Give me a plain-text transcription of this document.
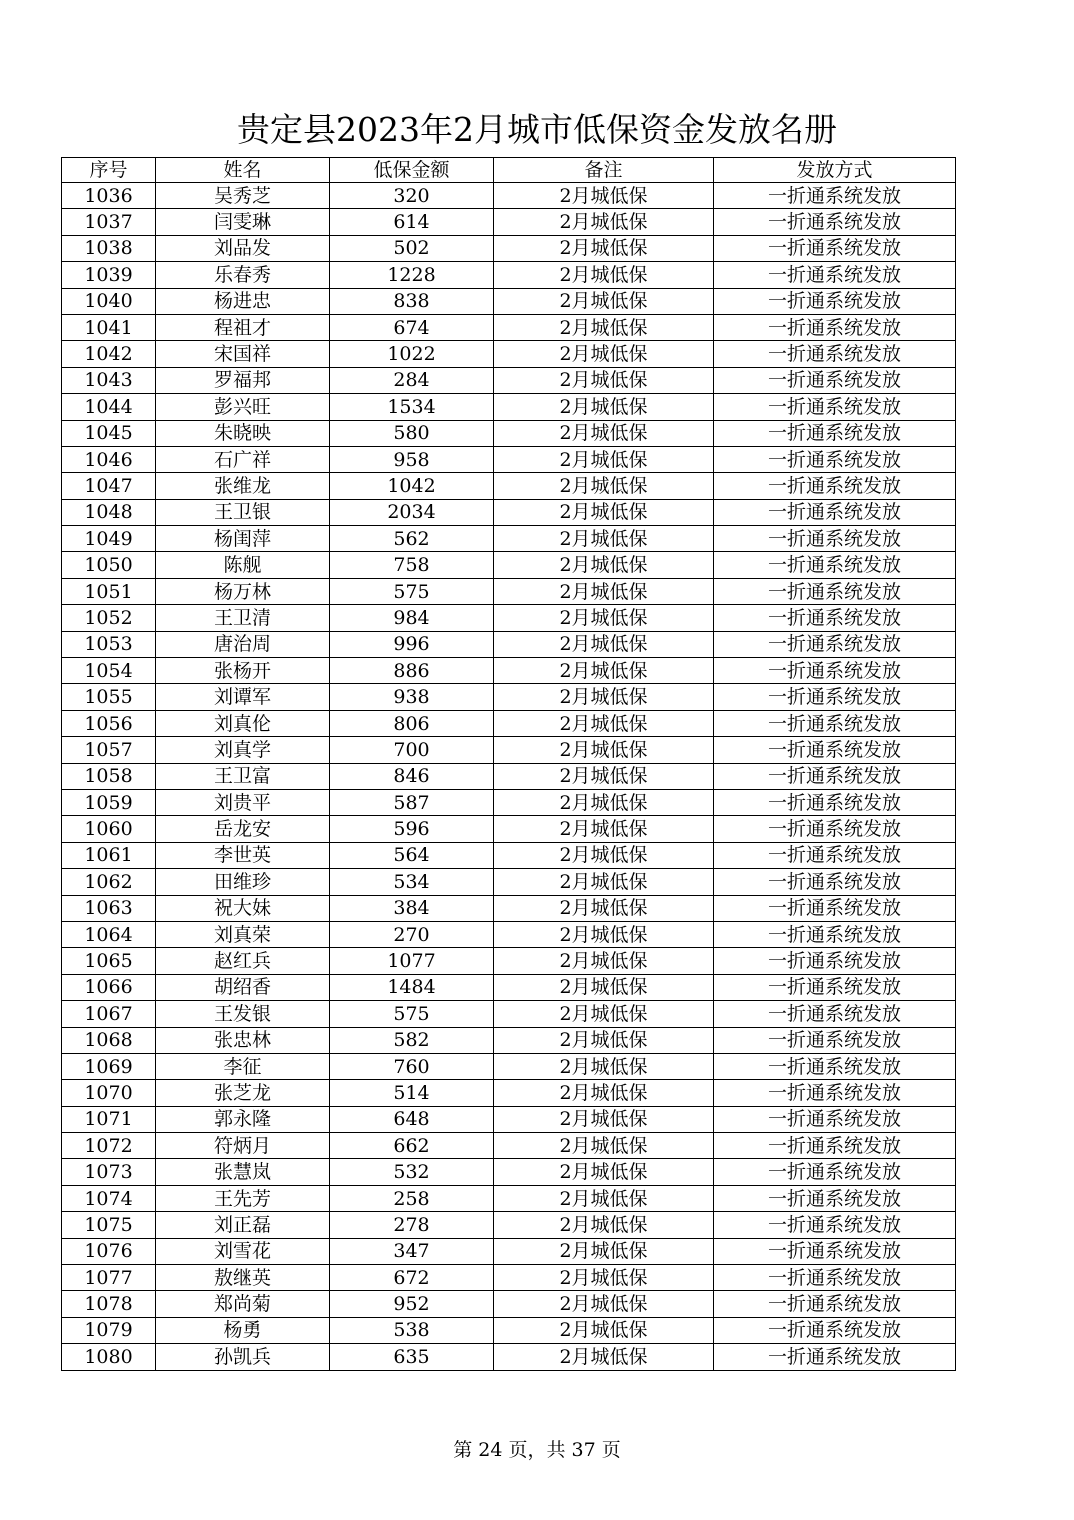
贵定县2023年2月城市低保资金发放名册
序号	姓名	低保金额	备注	发放方式
1036	吴秀芝	320	2月城低保	一折通系统发放
1037	闫雯琳	614	2月城低保	一折通系统发放
1038	刘品发	502	2月城低保	一折通系统发放
1039	乐春秀	1228	2月城低保	一折通系统发放
1040	杨进忠	838	2月城低保	一折通系统发放
1041	程祖才	674	2月城低保	一折通系统发放
1042	宋国祥	1022	2月城低保	一折通系统发放
1043	罗福邦	284	2月城低保	一折通系统发放
1044	彭兴旺	1534	2月城低保	一折通系统发放
1045	朱晓映	580	2月城低保	一折通系统发放
1046	石广祥	958	2月城低保	一折通系统发放
1047	张维龙	1042	2月城低保	一折通系统发放
1048	王卫银	2034	2月城低保	一折通系统发放
1049	杨闺萍	562	2月城低保	一折通系统发放
1050	陈舰	758	2月城低保	一折通系统发放
1051	杨万林	575	2月城低保	一折通系统发放
1052	王卫清	984	2月城低保	一折通系统发放
1053	唐治周	996	2月城低保	一折通系统发放
1054	张杨开	886	2月城低保	一折通系统发放
1055	刘谭军	938	2月城低保	一折通系统发放
1056	刘真伦	806	2月城低保	一折通系统发放
1057	刘真学	700	2月城低保	一折通系统发放
1058	王卫富	846	2月城低保	一折通系统发放
1059	刘贵平	587	2月城低保	一折通系统发放
1060	岳龙安	596	2月城低保	一折通系统发放
1061	李世英	564	2月城低保	一折通系统发放
1062	田维珍	534	2月城低保	一折通系统发放
1063	祝大妹	384	2月城低保	一折通系统发放
1064	刘真荣	270	2月城低保	一折通系统发放
1065	赵红兵	1077	2月城低保	一折通系统发放
1066	胡绍香	1484	2月城低保	一折通系统发放
1067	王发银	575	2月城低保	一折通系统发放
1068	张忠林	582	2月城低保	一折通系统发放
1069	李征	760	2月城低保	一折通系统发放
1070	张芝龙	514	2月城低保	一折通系统发放
1071	郭永隆	648	2月城低保	一折通系统发放
1072	符炳月	662	2月城低保	一折通系统发放
1073	张慧岚	532	2月城低保	一折通系统发放
1074	王先芳	258	2月城低保	一折通系统发放
1075	刘正磊	278	2月城低保	一折通系统发放
1076	刘雪花	347	2月城低保	一折通系统发放
1077	敖继英	672	2月城低保	一折通系统发放
1078	郑尚菊	952	2月城低保	一折通系统发放
1079	杨勇	538	2月城低保	一折通系统发放
1080	孙凯兵	635	2月城低保	一折通系统发放
第 24 页，共 37 页
